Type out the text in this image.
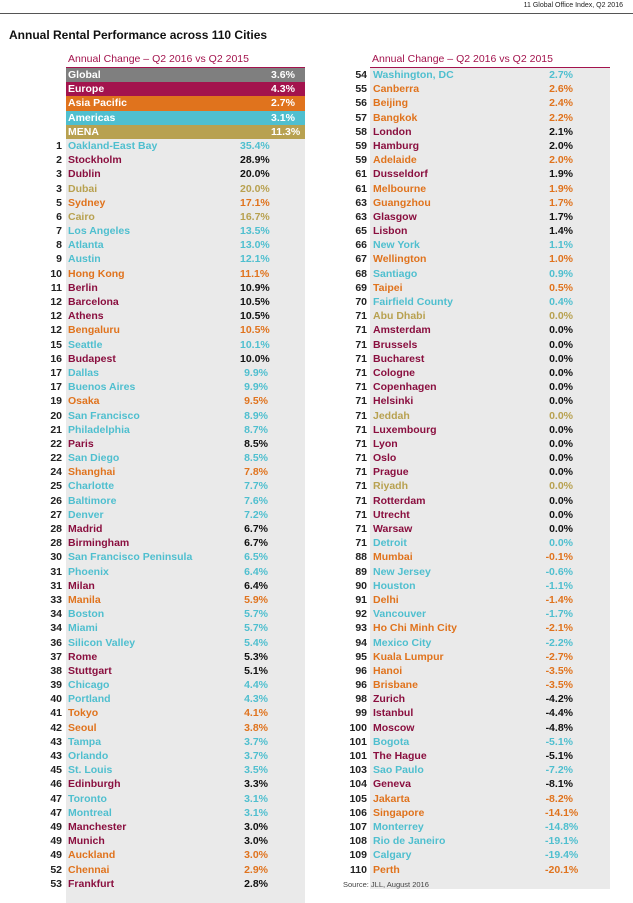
11 Global Office Index, Q2 2016
Annual Rental Performance across 110 Cities
Annual Change – Q2 2016 vs Q2 2015
Global	3.6%
Europe	4.3%
Asia Pacific	2.7%
Americas	3.1%
MENA	11.3%
1 Oakland-East Bay	35.4%
2 Stockholm	28.9%
3 Dublin	20.0%
3 Dubai	20.0%
5 Sydney	17.1%
6 Cairo	16.7%
7 Los Angeles	13.5%
8 Atlanta	13.0%
9 Austin	12.1%
10 Hong Kong	11.1%
11 Berlin	10.9%
12 Barcelona	10.5%
12 Athens	10.5%
12 Bengaluru	10.5%
15 Seattle	10.1%
16 Budapest	10.0%
17 Dallas	9.9%
17 Buenos Aires	9.9%
19 Osaka	9.5%
20 San Francisco	8.9%
21 Philadelphia	8.7%
22 Paris	8.5%
22 San Diego	8.5%
24 Shanghai	7.8%
25 Charlotte	7.7%
26 Baltimore	7.6%
27 Denver	7.2%
28 Madrid	6.7%
28 Birmingham	6.7%
30 San Francisco Peninsula	6.5%
31 Phoenix	6.4%
31 Milan	6.4%
33 Manila	5.9%
34 Boston	5.7%
34 Miami	5.7%
36 Silicon Valley	5.4%
37 Rome	5.3%
38 Stuttgart	5.1%
39 Chicago	4.4%
40 Portland	4.3%
41 Tokyo	4.1%
42 Seoul	3.8%
43 Tampa	3.7%
43 Orlando	3.7%
45 St. Louis	3.5%
46 Edinburgh	3.3%
47 Toronto	3.1%
47 Montreal	3.1%
49 Manchester	3.0%
49 Munich	3.0%
49 Auckland	3.0%
52 Chennai	2.9%
53 Frankfurt	2.8%
Annual Change – Q2 2016 vs Q2 2015
54 Washington, DC	2.7%
55 Canberra	2.6%
56 Beijing	2.4%
57 Bangkok	2.2%
58 London	2.1%
59 Hamburg	2.0%
59 Adelaide	2.0%
61 Dusseldorf	1.9%
61 Melbourne	1.9%
63 Guangzhou	1.7%
63 Glasgow	1.7%
65 Lisbon	1.4%
66 New York	1.1%
67 Wellington	1.0%
68 Santiago	0.9%
69 Taipei	0.5%
70 Fairfield County	0.4%
71 Abu Dhabi	0.0%
71 Amsterdam	0.0%
71 Brussels	0.0%
71 Bucharest	0.0%
71 Cologne	0.0%
71 Copenhagen	0.0%
71 Helsinki	0.0%
71 Jeddah	0.0%
71 Luxembourg	0.0%
71 Lyon	0.0%
71 Oslo	0.0%
71 Prague	0.0%
71 Riyadh	0.0%
71 Rotterdam	0.0%
71 Utrecht	0.0%
71 Warsaw	0.0%
71 Detroit	0.0%
88 Mumbai	-0.1%
89 New Jersey	-0.6%
90 Houston	-1.1%
91 Delhi	-1.4%
92 Vancouver	-1.7%
93 Ho Chi Minh City	-2.1%
94 Mexico City	-2.2%
95 Kuala Lumpur	-2.7%
96 Hanoi	-3.5%
96 Brisbane	-3.5%
98 Zurich	-4.2%
99 Istanbul	-4.4%
100 Moscow	-4.8%
101 Bogota	-5.1%
101 The Hague	-5.1%
103 Sao Paulo	-7.2%
104 Geneva	-8.1%
105 Jakarta	-8.2%
106 Singapore	-14.1%
107 Monterrey	-14.8%
108 Rio de Janeiro	-19.1%
109 Calgary	-19.4%
110 Perth	-20.1%
Source: JLL, August 2016
